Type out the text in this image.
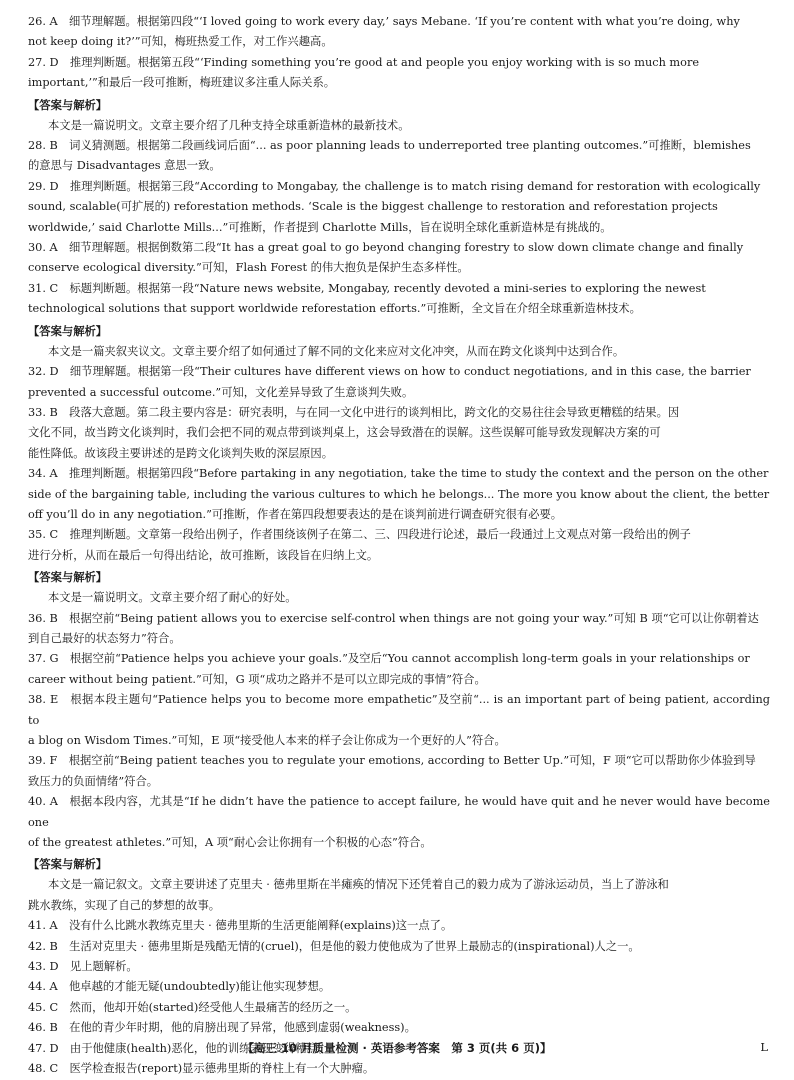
26. A　细节理解题。根据第四段“‘I loved going to work every day,’ says Mebane. ‘If you’re content with what you’re doing, why

not keep doing it?’”可知，梅班热爱工作，对工作兴趣高。

27. D　推理判断题。根据第五段“‘Finding something you’re good at and people you enjoy working with is so much more

important,’”和最后一段可推断，梅班建议多注重人际关系。

【答案与解析】

本文是一篇说明文。文章主要介绍了几种支持全球重新造林的最新技术。

28. B　词义猜测题。根据第二段画线词后面“... as poor planning leads to underreported tree planting outcomes.”可推断，blemishes

的意思与 Disadvantages 意思一致。

29. D　推理判断题。根据第三段“According to Mongabay, the challenge is to match rising demand for restoration with ecologically

sound, scalable(可扩展的) reforestation methods. ‘Scale is the biggest challenge to restoration and reforestation projects

worldwide,’ said Charlotte Mills...”可推断，作者提到 Charlotte Mills，旨在说明全球化重新造林是有挑战的。

30. A　细节理解题。根据倒数第二段“It has a great goal to go beyond changing forestry to slow down climate change and finally

conserve ecological diversity.”可知，Flash Forest 的伟大抱负是保护生态多样性。

31. C　标题判断题。根据第一段“Nature news website, Mongabay, recently devoted a mini-series to exploring the newest

technological solutions that support worldwide reforestation efforts.”可推断，全文旨在介绍全球重新造林技术。

【答案与解析】

本文是一篇夹叙夹议文。文章主要介绍了如何通过了解不同的文化来应对文化冲突，从而在跨文化谈判中达到合作。

32. D　细节理解题。根据第一段“Their cultures have different views on how to conduct negotiations, and in this case, the barrier

prevented a successful outcome.”可知，文化差异导致了生意谈判失败。

33. B　段落大意题。第二段主要内容是：研究表明，与在同一文化中进行的谈判相比，跨文化的交易往往会导致更糟糕的结果。因

文化不同，故当跨文化谈判时，我们会把不同的观点带到谈判桌上，这会导致潜在的误解。这些误解可能导致发现解决方案的可

能性降低。故该段主要讲述的是跨文化谈判失败的深层原因。

34. A　推理判断题。根据第四段“Before partaking in any negotiation, take the time to study the context and the person on the other

side of the bargaining table, including the various cultures to which he belongs... The more you know about the client, the better

off you’ll do in any negotiation.”可推断，作者在第四段想要表达的是在谈判前进行调查研究很有必要。

35. C　推理判断题。文章第一段给出例子，作者围绕该例子在第二、三、四段进行论述，最后一段通过上文观点对第一段给出的例子

进行分析，从而在最后一句得出结论，故可推断，该段旨在归纳上文。

【答案与解析】

本文是一篇说明文。文章主要介绍了耐心的好处。

36. B　根据空前“Being patient allows you to exercise self-control when things are not going your way.”可知 B 项“它可以让你朝着达

到自己最好的状态努力”符合。

37. G　根据空前“Patience helps you achieve your goals.”及空后“You cannot accomplish long-term goals in your relationships or

career without being patient.”可知，G 项“成功之路并不是可以立即完成的事情”符合。

38. E　根据本段主题句“Patience helps you to become more empathetic”及空前“... is an important part of being patient, according to

a blog on Wisdom Times.”可知，E 项“接受他人本来的样子会让你成为一个更好的人”符合。

39. F　根据空前“Being patient teaches you to regulate your emotions, according to Better Up.”可知，F 项“它可以帮助你少体验到导

致压力的负面情绪”符合。

40. A　根据本段内容，尤其是“If he didn’t have the patience to accept failure, he would have quit and he never would have become one

of the greatest athletes.”可知，A 项“耐心会让你拥有一个积极的心态”符合。

【答案与解析】

本文是一篇记叙文。文章主要讲述了克里夫 · 德弗里斯在半瘫痪的情况下还凭着自己的毅力成为了游泳运动员，当上了游泳和

跳水教练，实现了自己的梦想的故事。

41. A　没有什么比跳水教练克里夫 · 德弗里斯的生活更能阐释(explains)这一点了。

42. B　生活对克里夫 · 德弗里斯是残酷无情的(cruel)，但是他的毅力使他成为了世界上最励志的(inspirational)人之一。

43. D　见上题解析。

44. A　他卓越的才能无疑(undoubtedly)能让他实现梦想。

45. C　然而，他却开始(started)经受他人生最痛苦的经历之一。

46. B　在他的青少年时期，他的肩膀出现了异常，他感到虚弱(weakness)。

47. D　由于他健康(health)恶化，他的训练表现变得糟糕。

48. C　医学检查报告(report)显示德弗里斯的脊柱上有一个大肿瘤。

【高三 10 月质量检测 · 英语参考答案　第 3 页(共 6 页)】	L
